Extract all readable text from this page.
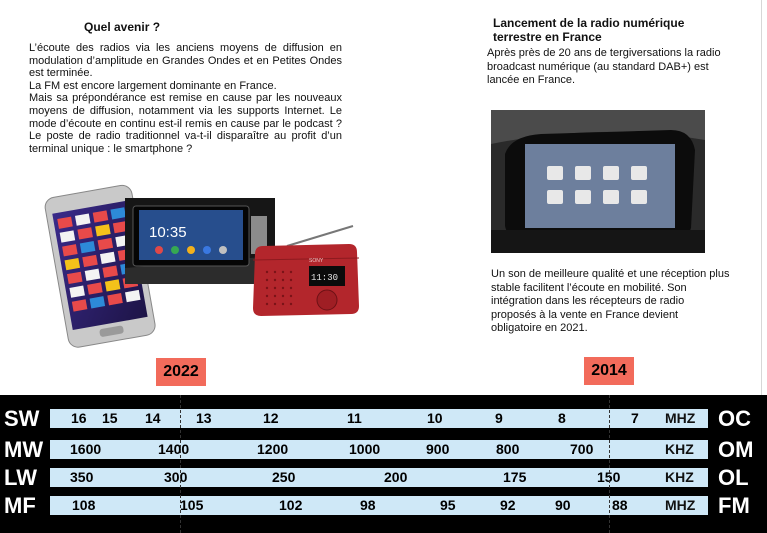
Quel avenir ?

L’écoute des radios via les anciens moyens de diffusion en modulation d’amplitude en Grandes Ondes et en Petites Ondes est terminée.

La FM est encore largement dominante en France.

Mais sa prépondérance est remise en cause par les nouveaux moyens de diffusion, notamment via les supports Internet. Le mode d’écoute en continu est-il remis en cause par le podcast ? Le poste de radio traditionnel va-t-il disparaître au profit d’un terminal unique : le smartphone ?

10:35
11:30
SONY
2022
Lancement de la radio numérique terrestre en France
Après près de 20 ans de tergiversations la radio broadcast numérique (au standard DAB+) est lancée en France.
Un son de meilleure qualité et une réception plus stable facilitent l’écoute en mobilité. Son intégration dans les récepteurs de radio proposés à la vente en France devient obligatoire en 2021.
2014
SW 16 15 14	13	12	11	10	9	8	7 MHZ OC
MW 1600	1400	1200	1000	900	800	700	KHZ OM
LW 350	300	250	200	175	150	KHZ OL
MF	108	105	102	98	95	92	90	88	MHZ FM
